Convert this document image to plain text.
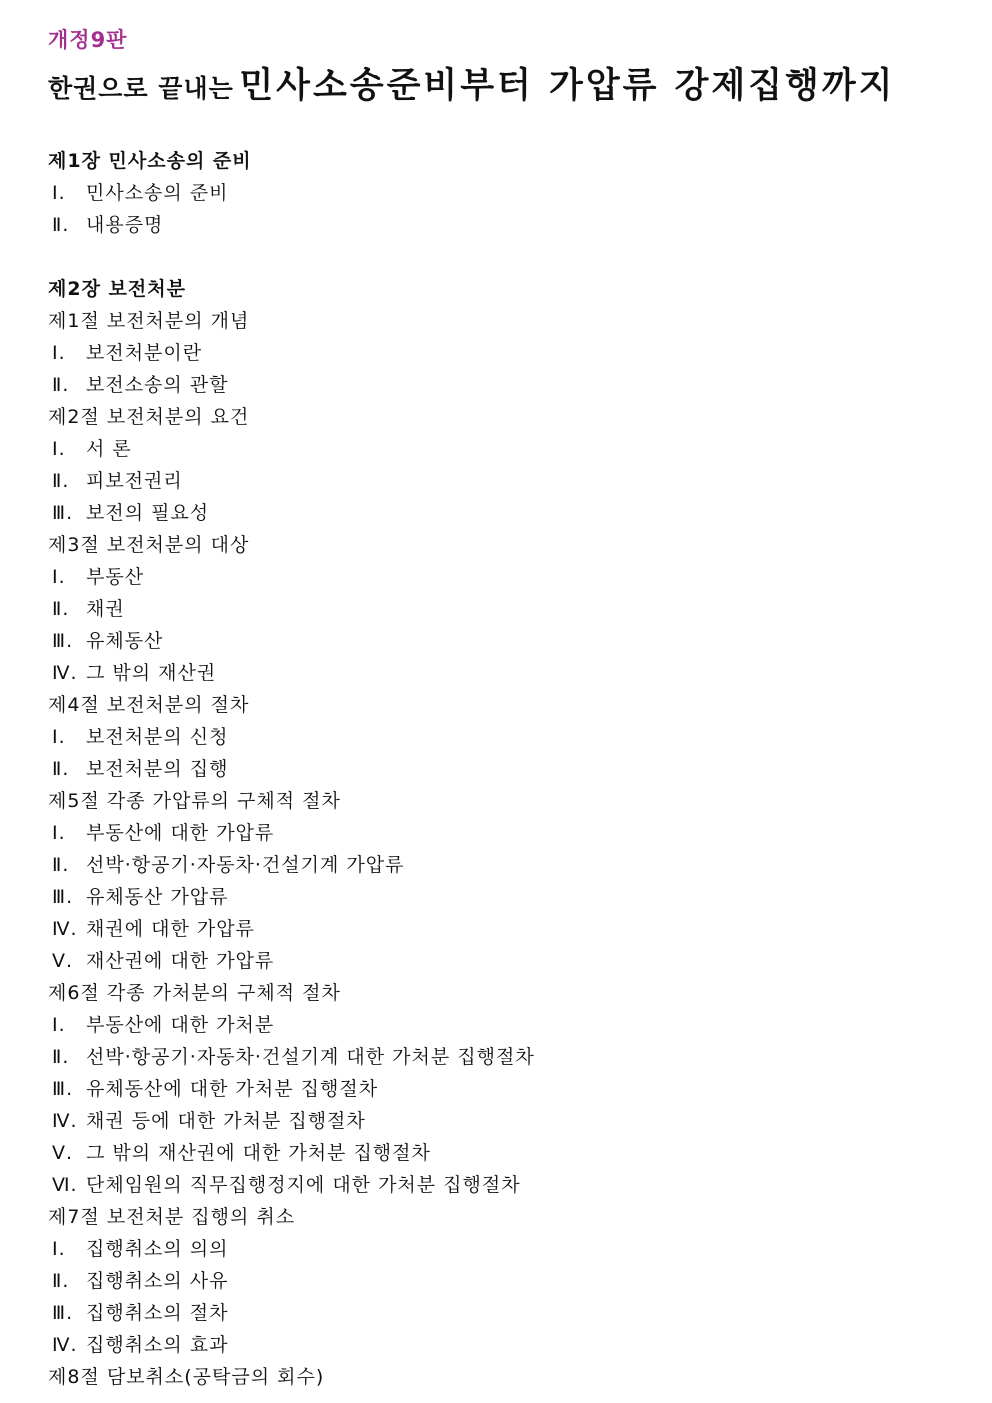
개정9판
한권으로 끝내는 민사소송준비부터 가압류 강제집행까지
제1장 민사소송의 준비
Ⅰ. 민사소송의 준비
Ⅱ. 내용증명
제2장 보전처분
제1절 보전처분의 개념
Ⅰ. 보전처분이란
Ⅱ. 보전소송의 관할
제2절 보전처분의 요건
Ⅰ. 서 론
Ⅱ. 피보전권리
Ⅲ. 보전의 필요성
제3절 보전처분의 대상
Ⅰ. 부동산
Ⅱ. 채권
Ⅲ. 유체동산
Ⅳ. 그 밖의 재산권
제4절 보전처분의 절차
Ⅰ. 보전처분의 신청
Ⅱ. 보전처분의 집행
제5절 각종 가압류의 구체적 절차
Ⅰ. 부동산에 대한 가압류
Ⅱ. 선박·항공기·자동차·건설기계 가압류
Ⅲ. 유체동산 가압류
Ⅳ. 채권에 대한 가압류
Ⅴ. 재산권에 대한 가압류
제6절 각종 가처분의 구체적 절차
Ⅰ. 부동산에 대한 가처분
Ⅱ. 선박·항공기·자동차·건설기계 대한 가처분 집행절차
Ⅲ. 유체동산에 대한 가처분 집행절차
Ⅳ. 채권 등에 대한 가처분 집행절차
Ⅴ. 그 밖의 재산권에 대한 가처분 집행절차
Ⅵ. 단체임원의 직무집행정지에 대한 가처분 집행절차
제7절 보전처분 집행의 취소
Ⅰ. 집행취소의 의의
Ⅱ. 집행취소의 사유
Ⅲ. 집행취소의 절차
Ⅳ. 집행취소의 효과
제8절 담보취소(공탁금의 회수)
